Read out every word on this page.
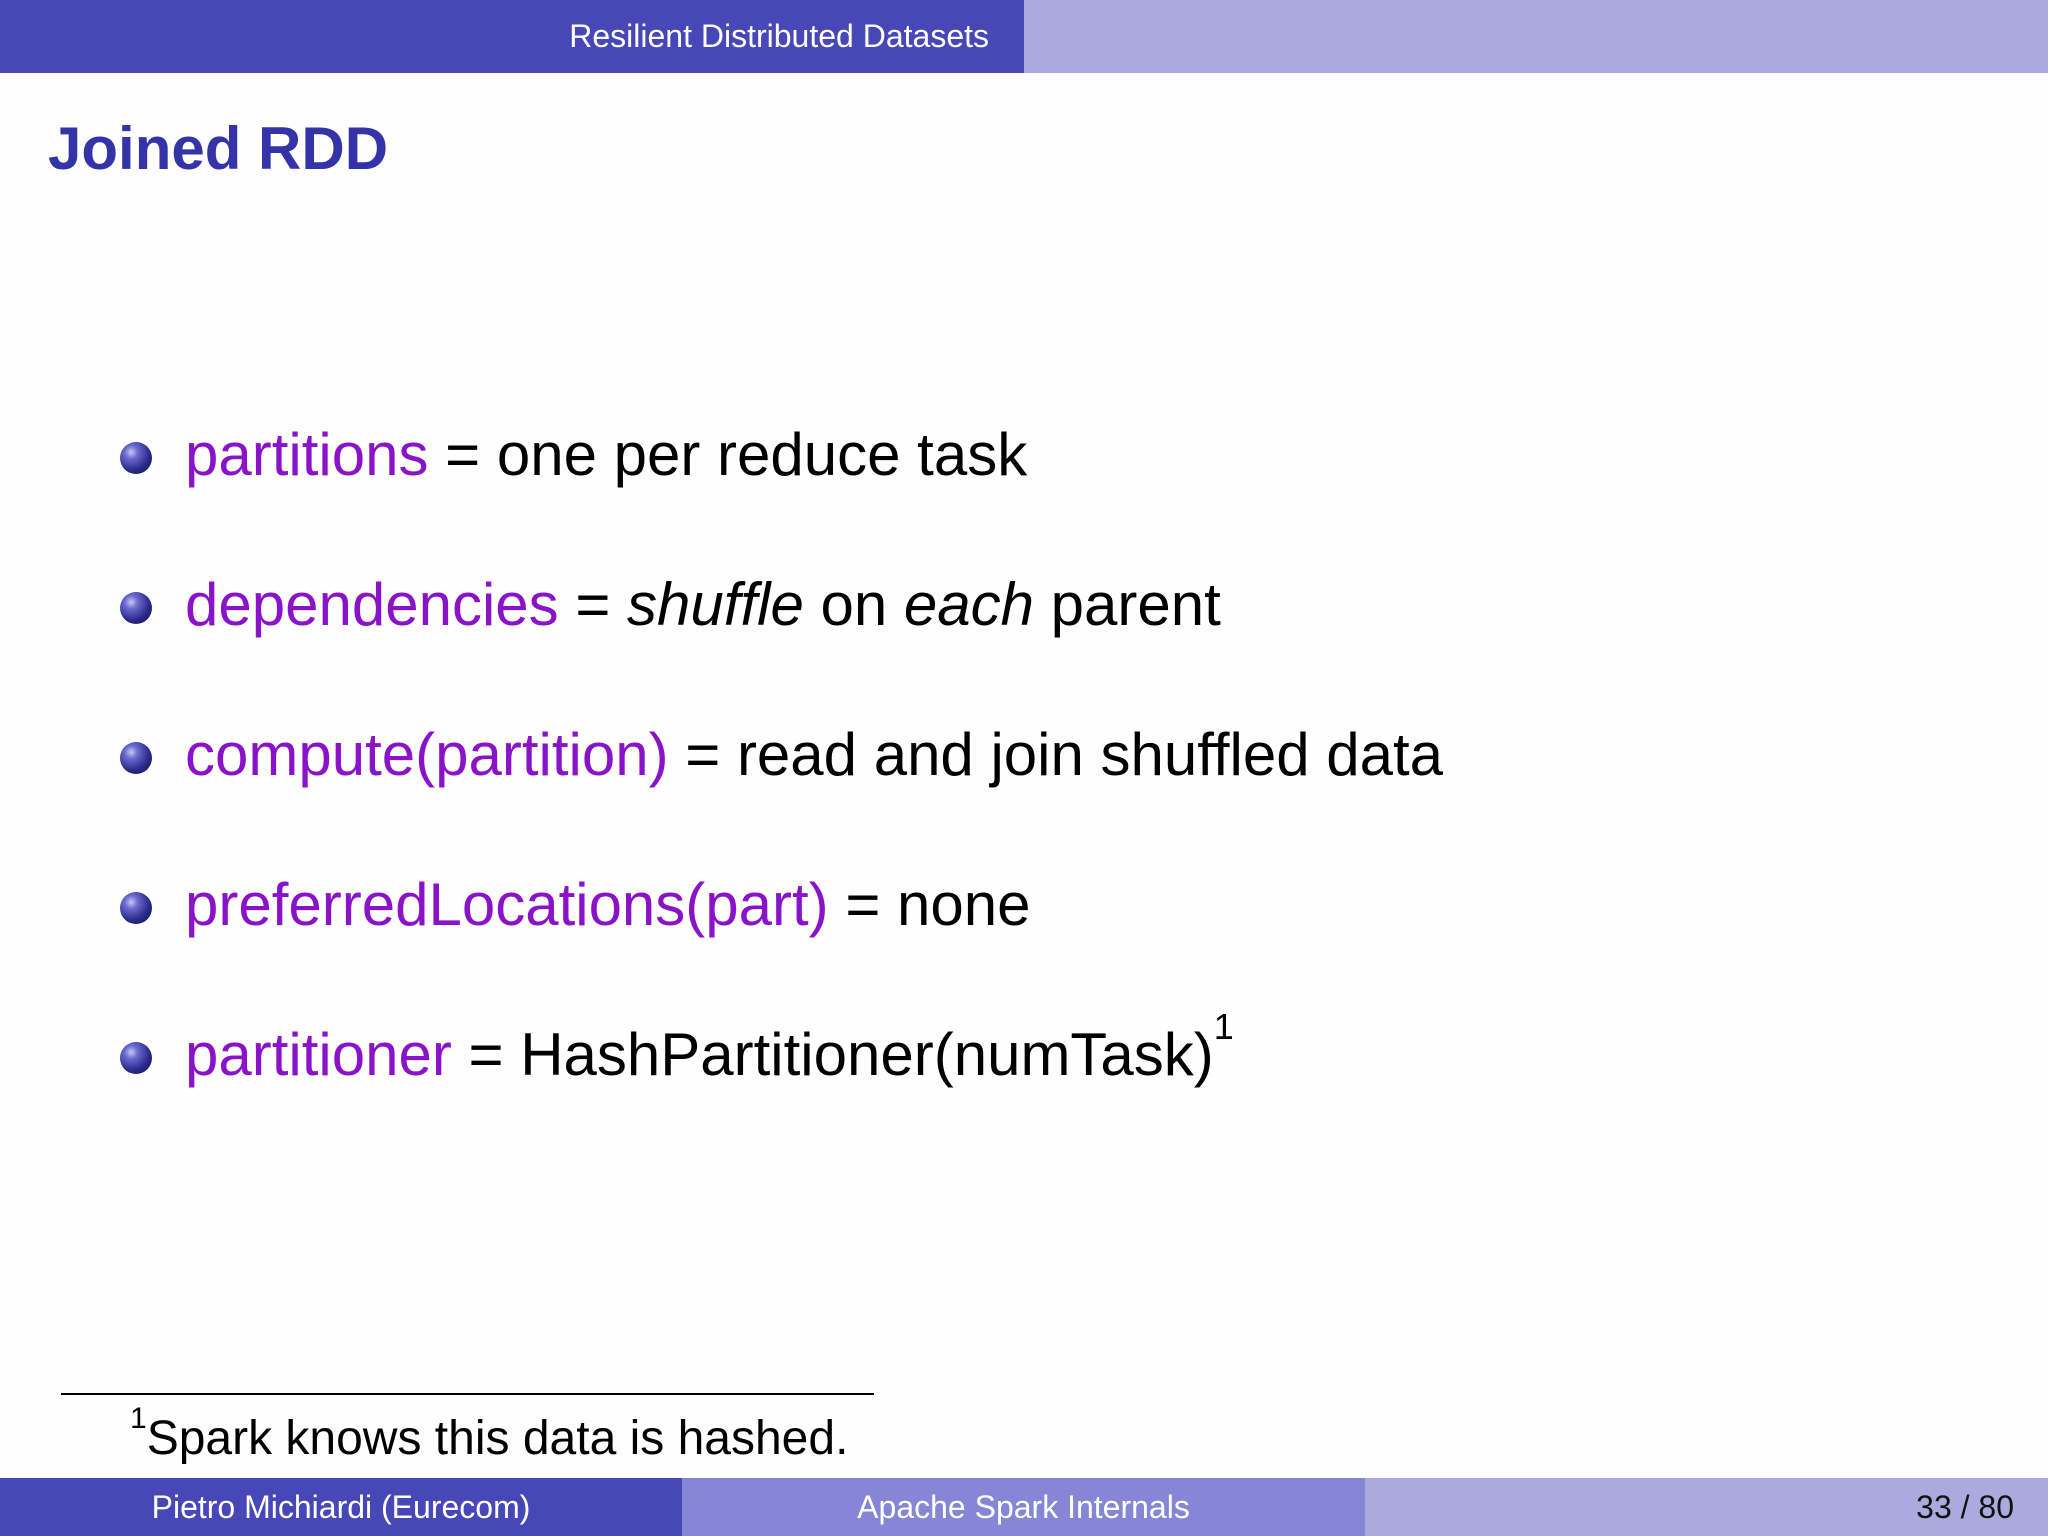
Resilient Distributed Datasets
Joined RDD
partitions = one per reduce task
dependencies = shuffle on each parent
compute(partition) = read and join shuffled data
preferredLocations(part) = none
partitioner = HashPartitioner(numTask)$^1$
$^1$Spark knows this data is hashed.
Pietro Michiardi (Eurecom)	Apache Spark Internals	33 / 80
